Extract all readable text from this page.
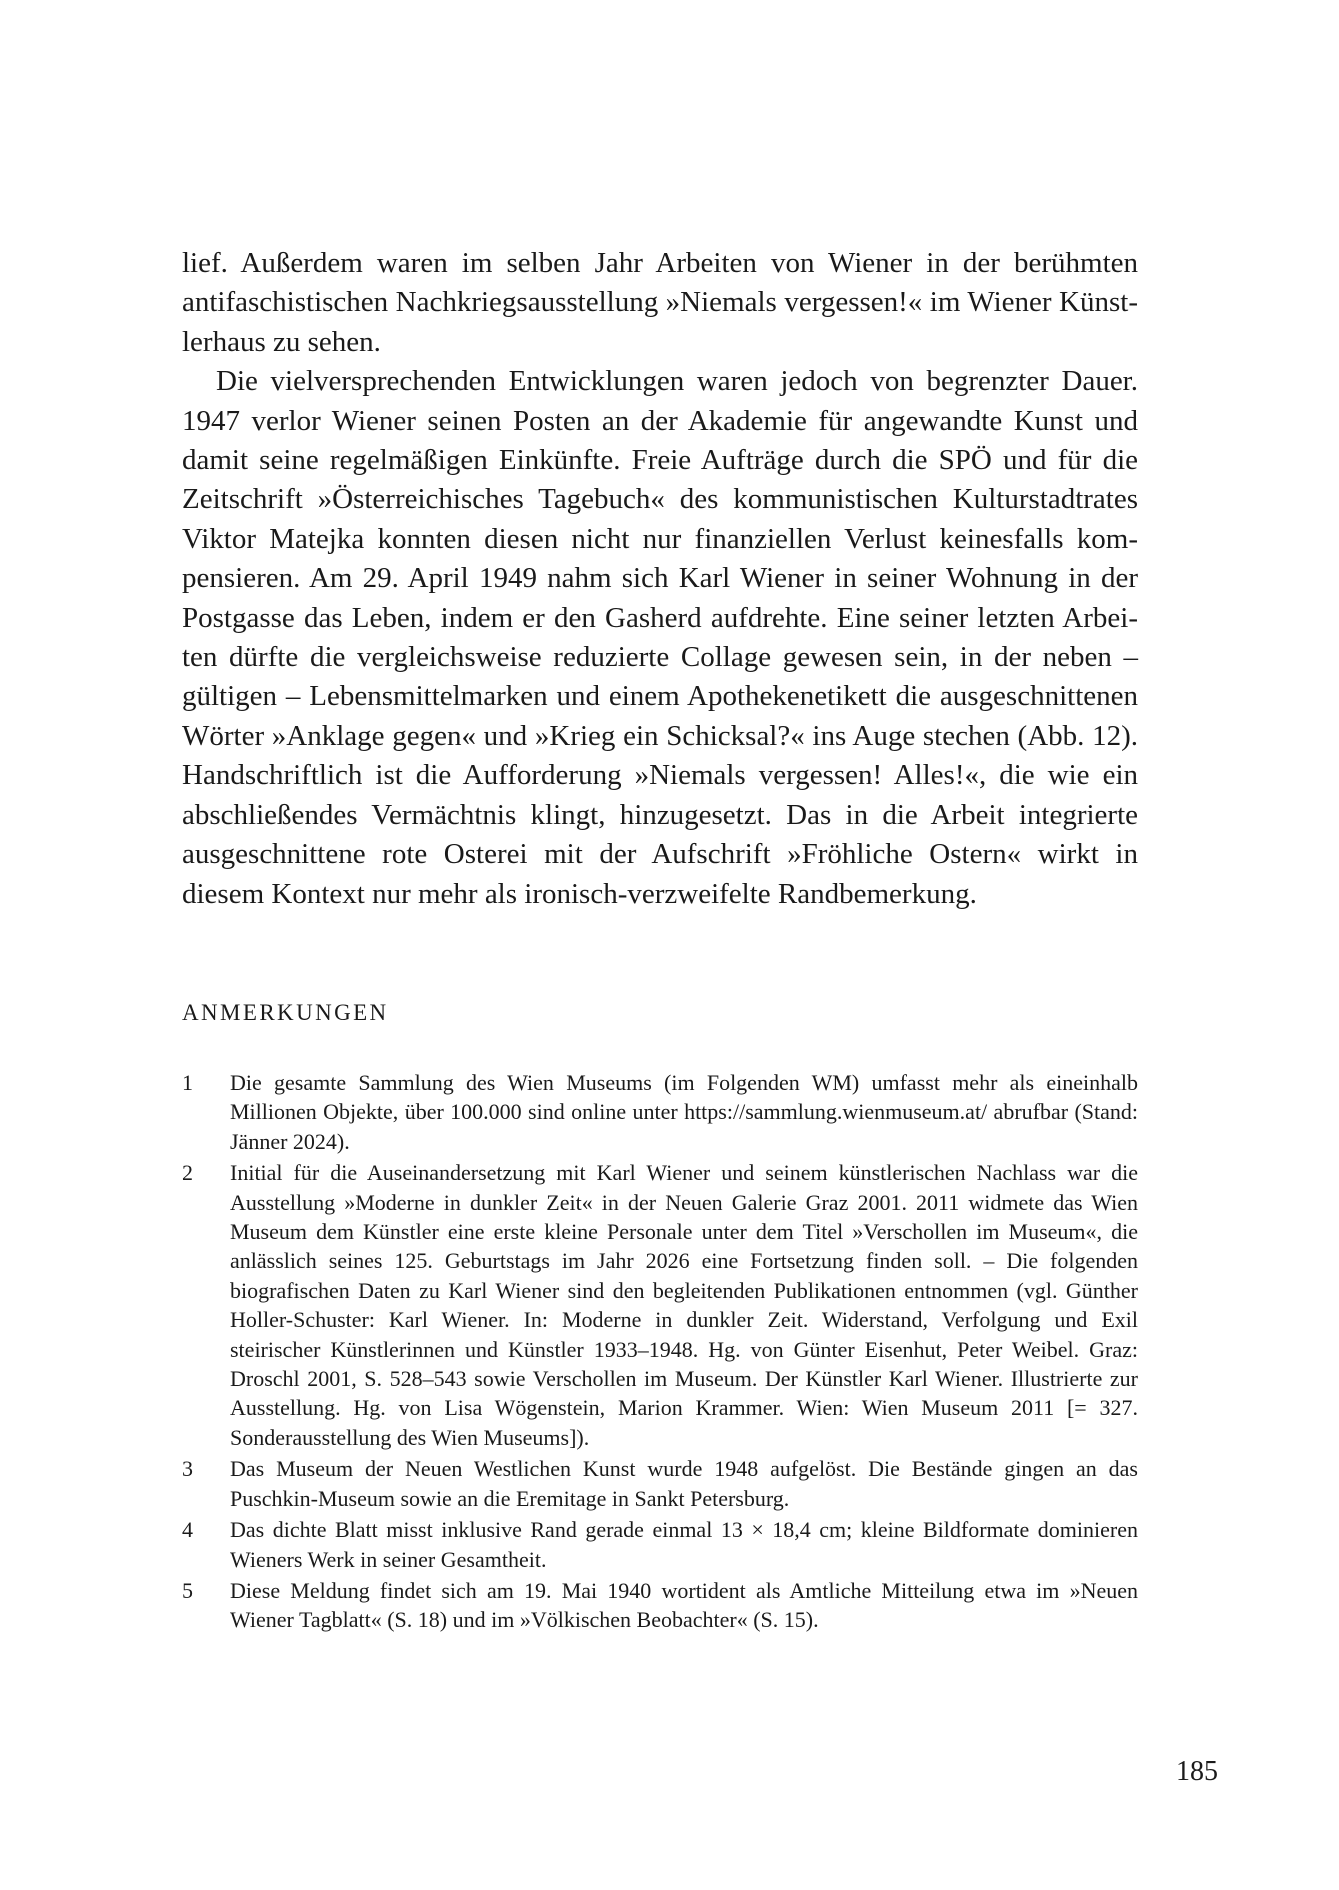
lief. Außerdem waren im selben Jahr Arbeiten von Wiener in der berühmten antifaschistischen Nachkriegsausstellung »Niemals vergessen!« im Wiener Künstlerhaus zu sehen.

Die vielversprechenden Entwicklungen waren jedoch von begrenzter Dauer. 1947 verlor Wiener seinen Posten an der Akademie für angewandte Kunst und damit seine regelmäßigen Einkünfte. Freie Aufträge durch die SPÖ und für die Zeitschrift »Österreichisches Tagebuch« des kommunistischen Kulturstadtrates Viktor Matejka konnten diesen nicht nur finanziellen Verlust keinesfalls kompensieren. Am 29. April 1949 nahm sich Karl Wiener in seiner Wohnung in der Postgasse das Leben, indem er den Gasherd aufdrehte. Eine seiner letzten Arbeiten dürfte die vergleichsweise reduzierte Collage gewesen sein, in der neben – gültigen – Lebensmittelmarken und einem Apothekenetikett die ausgeschnittenen Wörter »Anklage gegen« und »Krieg ein Schicksal?« ins Auge stechen (Abb. 12). Handschriftlich ist die Aufforderung »Niemals vergessen! Alles!«, die wie ein abschließendes Vermächtnis klingt, hinzugesetzt. Das in die Arbeit integrierte ausgeschnittene rote Osterei mit der Aufschrift »Fröhliche Ostern« wirkt in diesem Kontext nur mehr als ironisch-verzweifelte Randbemerkung.

ANMERKUNGEN
1	Die gesamte Sammlung des Wien Museums (im Folgenden WM) umfasst mehr als eineinhalb Millionen Objekte, über 100.000 sind online unter https://sammlung.wienmuseum.at/ abrufbar (Stand: Jänner 2024).
2	Initial für die Auseinandersetzung mit Karl Wiener und seinem künstlerischen Nachlass war die Ausstellung »Moderne in dunkler Zeit« in der Neuen Galerie Graz 2001. 2011 widmete das Wien Museum dem Künstler eine erste kleine Personale unter dem Titel »Verschollen im Museum«, die anlässlich seines 125. Geburtstags im Jahr 2026 eine Fortsetzung finden soll. – Die folgenden biografischen Daten zu Karl Wiener sind den begleitenden Publikationen entnommen (vgl. Günther Holler-Schuster: Karl Wiener. In: Moderne in dunkler Zeit. Widerstand, Verfolgung und Exil steirischer Künstlerinnen und Künstler 1933–1948. Hg. von Günter Eisenhut, Peter Weibel. Graz: Droschl 2001, S. 528–543 sowie Verschollen im Museum. Der Künstler Karl Wiener. Illustrierte zur Ausstellung. Hg. von Lisa Wögenstein, Marion Krammer. Wien: Wien Museum 2011 [= 327. Sonderausstellung des Wien Museums]).
3	Das Museum der Neuen Westlichen Kunst wurde 1948 aufgelöst. Die Bestände gingen an das Puschkin-Museum sowie an die Eremitage in Sankt Petersburg.
4	Das dichte Blatt misst inklusive Rand gerade einmal 13 × 18,4 cm; kleine Bildformate dominieren Wieners Werk in seiner Gesamtheit.
5	Diese Meldung findet sich am 19. Mai 1940 wortident als Amtliche Mitteilung etwa im »Neuen Wiener Tagblatt« (S. 18) und im »Völkischen Beobachter« (S. 15).
185
